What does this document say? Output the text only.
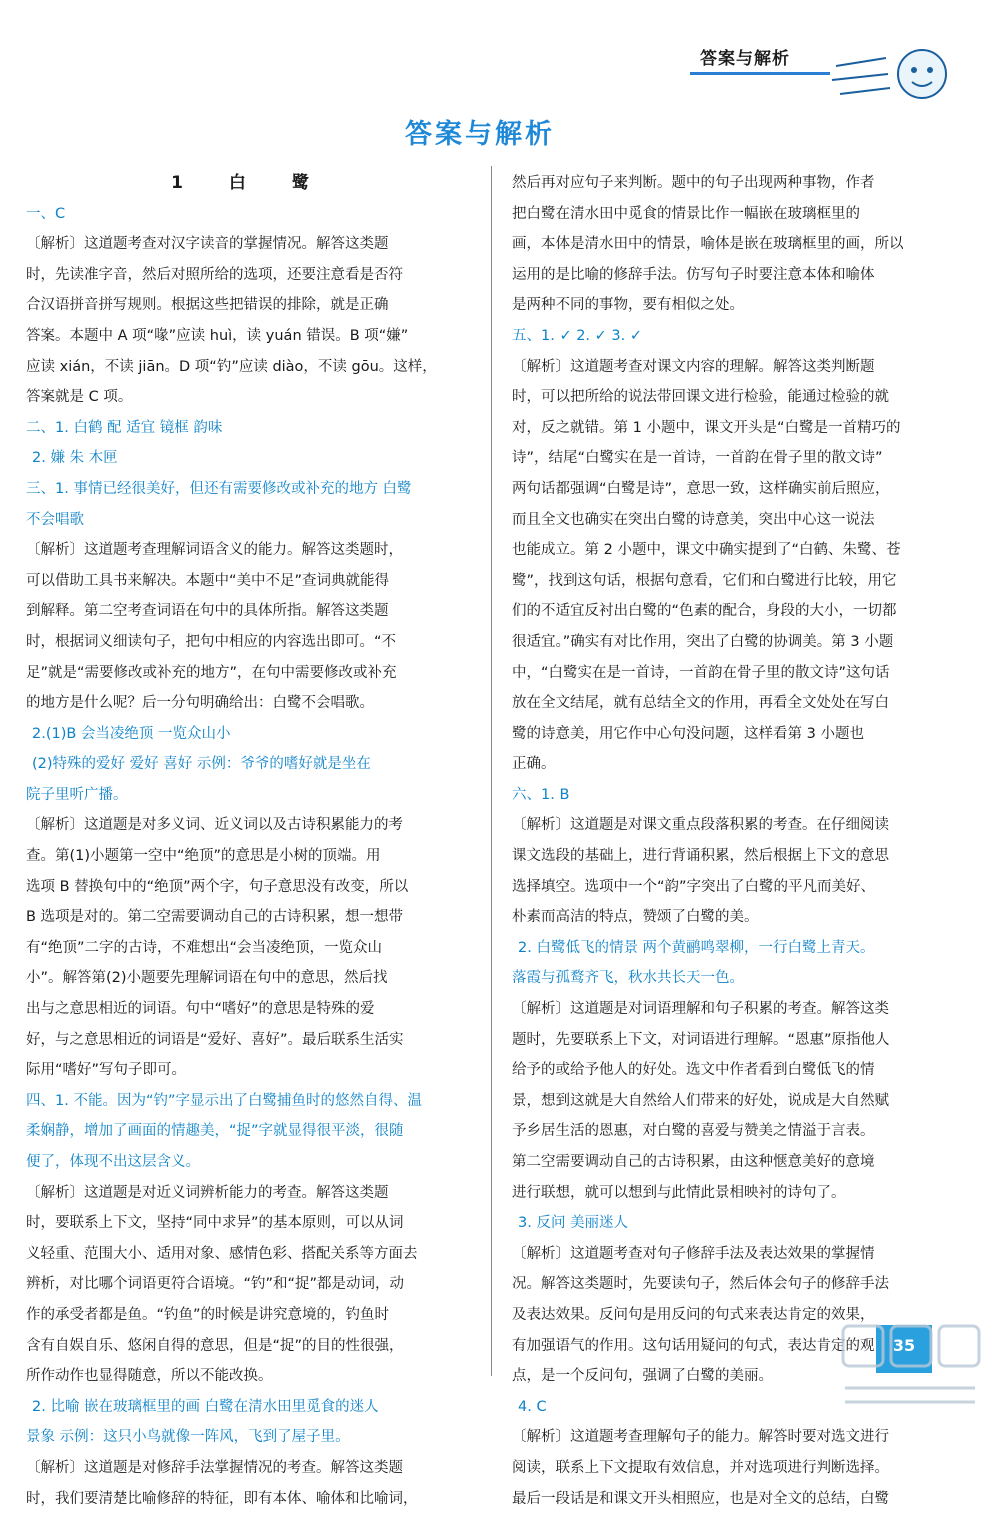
答案与解析
答案与解析
1 白 鹭
一、C
〔解析〕这道题考查对汉字读音的掌握情况。解答这类题
时，先读准字音，然后对照所给的选项，还要注意看是否符
合汉语拼音拼写规则。根据这些把错误的排除，就是正确
答案。本题中 A 项“喙”应读 huì，读 yuán 错误。B 项“嫌”
应读 xián，不读 jiān。D 项“钓”应读 diào，不读 gōu。这样，
答案就是 C 项。
二、1. 白鹤 配 适宜 镜框 韵味
2. 嫌 朱 木匣
三、1. 事情已经很美好，但还有需要修改或补充的地方 白鹭
不会唱歌
〔解析〕这道题考查理解词语含义的能力。解答这类题时，
可以借助工具书来解决。本题中“美中不足”查词典就能得
到解释。第二空考查词语在句中的具体所指。解答这类题
时，根据词义细读句子，把句中相应的内容选出即可。“不
足”就是“需要修改或补充的地方”，在句中需要修改或补充
的地方是什么呢？后一分句明确给出：白鹭不会唱歌。
2.(1)B 会当凌绝顶 一览众山小
(2)特殊的爱好 爱好 喜好 示例：爷爷的嗜好就是坐在
院子里听广播。
〔解析〕这道题是对多义词、近义词以及古诗积累能力的考
查。第(1)小题第一空中“绝顶”的意思是小树的顶端。用
选项 B 替换句中的“绝顶”两个字，句子意思没有改变，所以
B 选项是对的。第二空需要调动自己的古诗积累，想一想带
有“绝顶”二字的古诗，不难想出“会当凌绝顶，一览众山
小”。解答第(2)小题要先理解词语在句中的意思，然后找
出与之意思相近的词语。句中“嗜好”的意思是特殊的爱
好，与之意思相近的词语是“爱好、喜好”。最后联系生活实
际用“嗜好”写句子即可。
四、1. 不能。因为“钓”字显示出了白鹭捕鱼时的悠然自得、温
柔娴静，增加了画面的情趣美，“捉”字就显得很平淡，很随
便了，体现不出这层含义。
〔解析〕这道题是对近义词辨析能力的考查。解答这类题
时，要联系上下文，坚持“同中求异”的基本原则，可以从词
义轻重、范围大小、适用对象、感情色彩、搭配关系等方面去
辨析，对比哪个词语更符合语境。“钓”和“捉”都是动词，动
作的承受者都是鱼。“钓鱼”的时候是讲究意境的，钓鱼时
含有自娱自乐、悠闲自得的意思，但是“捉”的目的性很强，
所作动作也显得随意，所以不能改换。
2. 比喻 嵌在玻璃框里的画 白鹭在清水田里觅食的迷人
景象 示例：这只小鸟就像一阵风，飞到了屋子里。
〔解析〕这道题是对修辞手法掌握情况的考查。解答这类题
时，我们要清楚比喻修辞的特征，即有本体、喻体和比喻词，
然后再对应句子来判断。题中的句子出现两种事物，作者
把白鹭在清水田中觅食的情景比作一幅嵌在玻璃框里的
画，本体是清水田中的情景，喻体是嵌在玻璃框里的画，所以
运用的是比喻的修辞手法。仿写句子时要注意本体和喻体
是两种不同的事物，要有相似之处。
五、1. ✓ 2. ✓ 3. ✓
〔解析〕这道题考查对课文内容的理解。解答这类判断题
时，可以把所给的说法带回课文进行检验，能通过检验的就
对，反之就错。第 1 小题中，课文开头是“白鹭是一首精巧的
诗”，结尾“白鹭实在是一首诗，一首韵在骨子里的散文诗”
两句话都强调“白鹭是诗”，意思一致，这样确实前后照应，
而且全文也确实在突出白鹭的诗意美，突出中心这一说法
也能成立。第 2 小题中，课文中确实提到了“白鹤、朱鹭、苍
鹭”，找到这句话，根据句意看，它们和白鹭进行比较，用它
们的不适宜反衬出白鹭的“色素的配合，身段的大小，一切都
很适宜。”确实有对比作用，突出了白鹭的协调美。第 3 小题
中，“白鹭实在是一首诗，一首韵在骨子里的散文诗”这句话
放在全文结尾，就有总结全文的作用，再看全文处处在写白
鹭的诗意美，用它作中心句没问题，这样看第 3 小题也
正确。
六、1. B
〔解析〕这道题是对课文重点段落积累的考查。在仔细阅读
课文选段的基础上，进行背诵积累，然后根据上下文的意思
选择填空。选项中一个“韵”字突出了白鹭的平凡而美好、
朴素而高洁的特点，赞颂了白鹭的美。
2. 白鹭低飞的情景 两个黄鹂鸣翠柳，一行白鹭上青天。
落霞与孤鹜齐飞，秋水共长天一色。
〔解析〕这道题是对词语理解和句子积累的考查。解答这类
题时，先要联系上下文，对词语进行理解。“恩惠”原指他人
给予的或给予他人的好处。选文中作者看到白鹭低飞的情
景，想到这就是大自然给人们带来的好处，说成是大自然赋
予乡居生活的恩惠，对白鹭的喜爱与赞美之情溢于言表。
第二空需要调动自己的古诗积累，由这种惬意美好的意境
进行联想，就可以想到与此情此景相映衬的诗句了。
3. 反问 美丽迷人
〔解析〕这道题考查对句子修辞手法及表达效果的掌握情
况。解答这类题时，先要读句子，然后体会句子的修辞手法
及表达效果。反问句是用反问的句式来表达肯定的效果，
有加强语气的作用。这句话用疑问的句式，表达肯定的观
点，是一个反问句，强调了白鹭的美丽。
4. C
〔解析〕这道题考查理解句子的能力。解答时要对选文进行
阅读，联系上下文提取有效信息，并对选项进行判断选择。
最后一段话是和课文开头相照应，也是对全文的总结，白鹭
35
